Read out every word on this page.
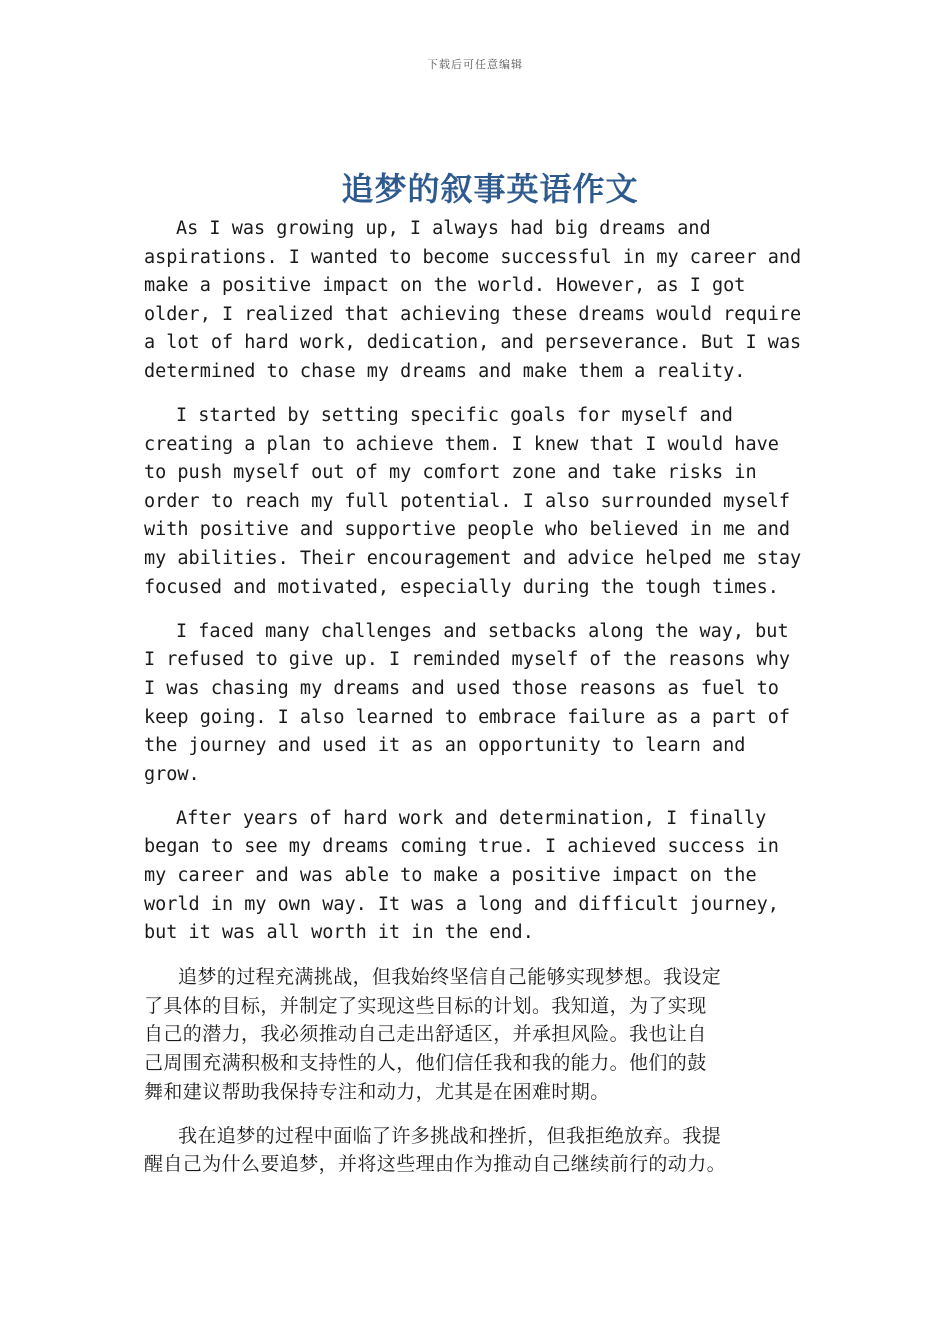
下载后可任意编辑
追梦的叙事英语作文

As I was growing up, I always had big dreams and
aspirations. I wanted to become successful in my career and
make a positive impact on the world. However, as I got
older, I realized that achieving these dreams would require
a lot of hard work, dedication, and perseverance. But I was
determined to chase my dreams and make them a reality.

I started by setting specific goals for myself and
creating a plan to achieve them. I knew that I would have
to push myself out of my comfort zone and take risks in
order to reach my full potential. I also surrounded myself
with positive and supportive people who believed in me and
my abilities. Their encouragement and advice helped me stay
focused and motivated, especially during the tough times.

I faced many challenges and setbacks along the way, but
I refused to give up. I reminded myself of the reasons why
I was chasing my dreams and used those reasons as fuel to
keep going. I also learned to embrace failure as a part of
the journey and used it as an opportunity to learn and
grow.

After years of hard work and determination, I finally
began to see my dreams coming true. I achieved success in
my career and was able to make a positive impact on the
world in my own way. It was a long and difficult journey,
but it was all worth it in the end.

追梦的过程充满挑战，但我始终坚信自己能够实现梦想。我设定
了具体的目标，并制定了实现这些目标的计划。我知道，为了实现
自己的潜力，我必须推动自己走出舒适区，并承担风险。我也让自
己周围充满积极和支持性的人，他们信任我和我的能力。他们的鼓
舞和建议帮助我保持专注和动力，尤其是在困难时期。

我在追梦的过程中面临了许多挑战和挫折，但我拒绝放弃。我提
醒自己为什么要追梦，并将这些理由作为推动自己继续前行的动力。
